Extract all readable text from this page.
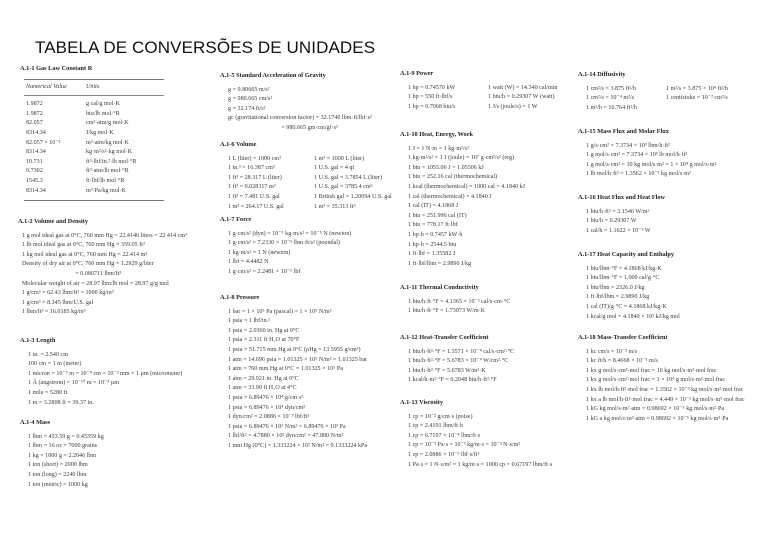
TABELA DE CONVERSÕES DE UNIDADES
A.1-1 Gas Law Constant R
Numerical Value	Units
1.9872	g cal/g mol·K
1.9872	btu/lb mol·°R
82.057	cm³·atm/g mol·K
8314.34	J/kg mol·K
82.057 × 10⁻³	m³·atm/kg mol·K
8314.34	kg·m²/s²·kg mol·K
10.731	ft³·lbf/in.²·lb mol·°R
0.7302	ft³·atm/lb mol·°R
1545.3	ft·lbf/lb mol·°R
8314.34	m³·Pa/kg mol·K
A.1-2 Volume and Density
1 g mol ideal gas at 0°C, 760 mm Hg = 22.4140 liters = 22 414 cm³
1 lb mol ideal gas at 0°C, 760 mm Hg = 359.05 ft³
1 kg mol ideal gas at 0°C, 760 mm Hg = 22.414 m³
Density of dry air at 0°C, 760 mm Hg = 1.2929 g/liter
= 0.080711 lbm/ft³
Molecular weight of air = 28.97 lbm/lb mol = 28.97 g/g mol
1 g/cm³ = 62.43 lbm/ft³ = 1000 kg/m³
1 g/cm³ = 8.345 lbm/U.S. gal
1 lbm/ft³ = 16.0185 kg/m³
A.1-3 Length
1 in. = 2.540 cm
100 cm = 1 m (meter)
1 micron = 10⁻⁶ m = 10⁻⁴ cm = 10⁻³ mm = 1 μm (micrometer)
1 Å (angstrom) = 10⁻¹⁰ m = 10⁻⁴ μm
1 mile = 5280 ft
1 m = 3.2808 ft = 39.37 in.
A.1-4 Mass
1 lbm = 453.59 g = 0.45359 kg
1 lbm = 16 oz = 7000 grains
1 kg = 1000 g = 2.2046 lbm
1 ton (short) = 2000 lbm
1 ton (long) = 2240 lbm
1 ton (metric) = 1000 kg
A.1-5 Standard Acceleration of Gravity
g = 9.80665 m/s²
g = 980.665 cm/s²
g = 32.174 ft/s²
gc (gravitational conversion factor) = 32.1740 lbm·ft/lbf·s²
= 980.665 gm·cm/gf·s²
A.1-6 Volume
1 L (liter) = 1000 cm³	1 m³ = 1000 L (liter)
1 in.³ = 16.387 cm³	1 U.S. gal = 4 qt
1 ft³ = 28.317 L (liter)	1 U.S. gal = 3.7854 L (liter)
1 ft³ = 0.028317 m³	1 U.S. gal = 3785.4 cm³
1 ft³ = 7.481 U.S. gal	1 British gal = 1.20094 U.S. gal
1 m³ = 264.17 U.S. gal	1 m³ = 35.313 ft³
A.1-7 Force
1 g·cm/s² (dyn) = 10⁻⁵ kg·m/s² = 10⁻⁵ N (newton)
1 g·cm/s² = 7.2330 × 10⁻⁵ lbm·ft/s² (poundal)
1 kg·m/s² = 1 N (newton)
1 lbf = 4.4482 N
1 g·cm/s² = 2.2481 × 10⁻⁶ lbf
A.1-8 Pressure
1 bar = 1 × 10⁵ Pa (pascal) = 1 × 10⁵ N/m²
1 psia = 1 lbf/in.²
1 psia = 2.0360 in. Hg at 0°C
1 psia = 2.311 ft H₂O at 70°F
1 psia = 51.715 mm Hg at 0°C (ρHg = 13.5955 g/cm³)
1 atm = 14.696 psia = 1.01325 × 10⁵ N/m² = 1.01325 bar
1 atm = 760 mm Hg at 0°C = 1.01325 × 10⁵ Pa
1 atm = 29.921 in. Hg at 0°C
1 atm = 33.90 ft H₂O at 4°C
1 psia = 6.89476 × 10⁴ g/cm·s²
1 psia = 6.89476 × 10⁴ dyn/cm²
1 dyn/cm² = 2.0886 × 10⁻³ lbf/ft²
1 psia = 6.89476 × 10³ N/m² = 6.89476 × 10³ Pa
1 lbf/ft² = 4.7880 × 10² dyn/cm² = 47.880 N/m²
1 mm Hg (0°C) = 1.333224 × 10² N/m² = 0.1333224 kPa
A.1-9 Power
1 hp = 0.74570 kW	1 watt (W) = 14.340 cal/min
1 hp = 550 ft·lbf/s	1 btu/h = 0.29307 W (watt)
1 hp = 0.7068 btu/s	1 J/s (joule/s) = 1 W
A.1-10 Heat, Energy, Work
1 J = 1 N·m = 1 kg·m²/s²
1 kg·m²/s² = 1 J (joule) = 10⁷ g·cm²/s² (erg)
1 btu = 1055.06 J = 1.05506 kJ
1 btu = 252.16 cal (thermochemical)
1 kcal (thermochemical) = 1000 cal = 4.1840 kJ
1 cal (thermochemical) = 4.1840 J
1 cal (IT) = 4.1868 J
1 btu = 251.996 cal (IT)
1 btu = 778.17 ft·lbf
1 hp·h = 0.7457 kW·h
1 hp·h = 2544.5 btu
1 ft·lbf = 1.35582 J
1 ft·lbf/lbm = 2.9890 J/kg
A.1-11 Thermal Conductivity
1 btu/h·ft·°F = 4.1365 × 10⁻³ cal/s·cm·°C
1 btu/h·ft·°F = 1.73073 W/m·K
A.1-12 Heat-Transfer Coefficient
1 btu/h·ft²·°F = 1.3571 × 10⁻⁴ cal/s·cm²·°C
1 btu/h·ft²·°F = 5.6783 × 10⁻⁴ W/cm²·°C
1 btu/h·ft²·°F = 5.6783 W/m²·K
1 kcal/h·m²·°F = 0.2048 btu/h·ft²·°F
A.1-13 Viscosity
1 cp = 10⁻² g/cm·s (poise)
1 cp = 2.4191 lbm/ft·h
1 cp = 6.7197 × 10⁻⁴ lbm/ft·s
1 cp = 10⁻³ Pa·s = 10⁻³ kg/m·s = 10⁻³ N·s/m²
1 cp = 2.0886 × 10⁻⁵ lbf·s/ft²
1 Pa·s = 1 N·s/m² = 1 kg/m·s = 1000 cp = 0.67197 lbm/ft·s
A.1-14 Diffusivity
1 cm²/s = 3.875 ft²/h	1 m²/s = 3.875 × 10⁴ ft²/h
1 cm²/s = 10⁻⁴ m²/s	1 centistoke = 10⁻² cm²/s
1 m²/h = 10.764 ft²/h
A.1-15 Mass Flux and Molar Flux
1 g/s·cm² = 7.3734 × 10³ lbm/h·ft²
1 g mol/s·cm² = 7.3734 × 10³ lb mol/h·ft²
1 g mol/s·cm² = 10 kg mol/s·m² = 1 × 10⁴ g mol/s·m²
1 lb mol/h·ft² = 1.3562 × 10⁻³ kg mol/s·m²
A.1-16 Heat Flux and Heat Flow
1 btu/h·ft² = 3.1546 W/m²
1 btu/h = 0.29307 W
1 cal/h = 1.1622 × 10⁻³ W
A.1-17 Heat Capacity and Enthalpy
1 btu/lbm·°F = 4.1868 kJ/kg·K
1 btu/lbm·°F = 1.000 cal/g·°C
1 btu/lbm = 2326.0 J/kg
1 ft·lbf/lbm = 2.9890 J/kg
1 cal (IT)/g·°C = 4.1868 kJ/kg·K
1 kcal/g mol = 4.1840 × 10³ kJ/kg mol
A.1-18 Mass-Transfer Coefficient
1 kc cm/s = 10⁻² m/s
1 kc ft/h = 8.4668 × 10⁻⁵ m/s
1 kx g mol/s·cm²·mol frac = 10 kg mol/s·m²·mol frac
1 kx g mol/s·cm²·mol frac = 1 × 10⁴ g mol/s·m²·mol frac
1 kx lb mol/h·ft²·mol frac = 1.3562 × 10⁻³ kg mol/s·m²·mol frac
1 kx a lb mol/h·ft³·mol frac = 4.449 × 10⁻³ kg mol/s·m³·mol frac
1 kG kg mol/s·m²·atm = 0.98692 × 10⁻⁵ kg mol/s·m²·Pa
1 kG a kg mol/s·m³·atm = 0.98692 × 10⁻⁵ kg mol/s·m³·Pa
